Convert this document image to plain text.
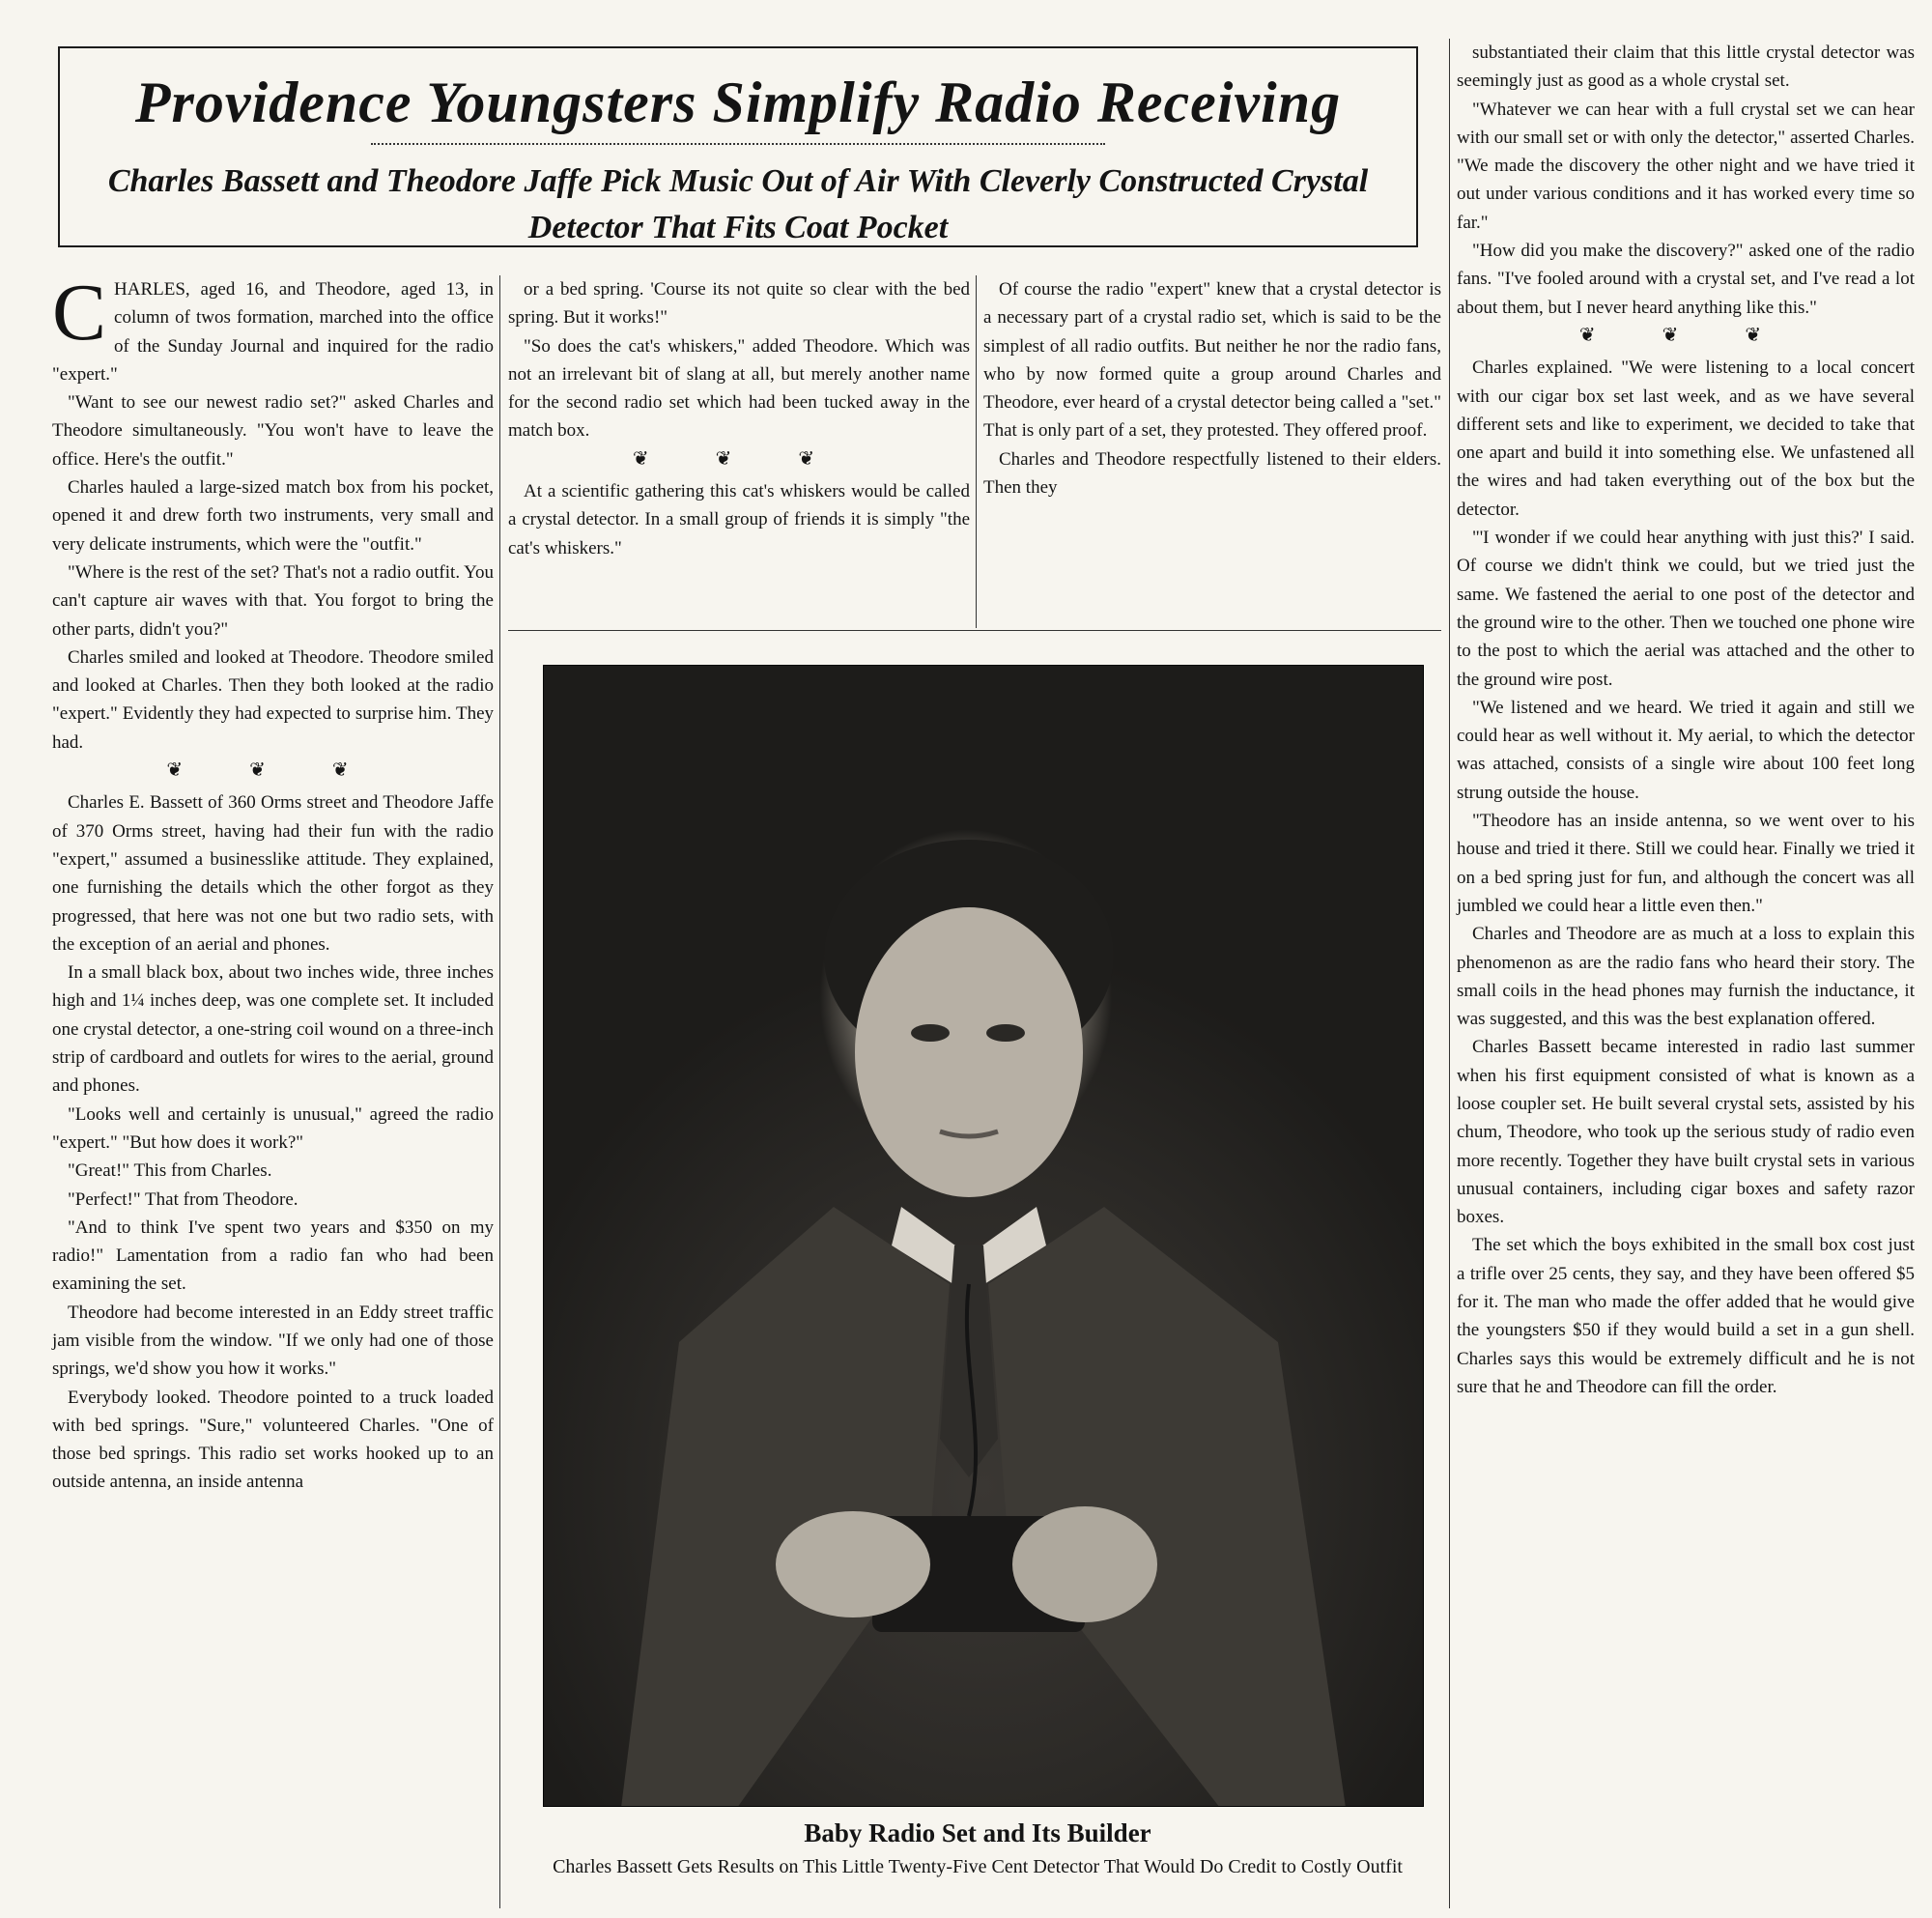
Providence Youngsters Simplify Radio Receiving
Charles Bassett and Theodore Jaffe Pick Music Out of Air With Cleverly Constructed Crystal Detector That Fits Coat Pocket

CHARLES, aged 16, and Theodore, aged 13, in column of twos formation, marched into the office of the Sunday Journal and inquired for the radio "expert."

"Want to see our newest radio set?" asked Charles and Theodore simultaneously. "You won't have to leave the office. Here's the outfit."

Charles hauled a large-sized match box from his pocket, opened it and drew forth two instruments, very small and very delicate instruments, which were the "outfit."

"Where is the rest of the set? That's not a radio outfit. You can't capture air waves with that. You forgot to bring the other parts, didn't you?"

Charles smiled and looked at Theodore. Theodore smiled and looked at Charles. Then they both looked at the radio "expert." Evidently they had expected to surprise him. They had.

❦ ❦ ❦

Charles E. Bassett of 360 Orms street and Theodore Jaffe of 370 Orms street, having had their fun with the radio "expert," assumed a businesslike attitude. They explained, one furnishing the details which the other forgot as they progressed, that here was not one but two radio sets, with the exception of an aerial and phones.

In a small black box, about two inches wide, three inches high and 1¼ inches deep, was one complete set. It included one crystal detector, a one-string coil wound on a three-inch strip of cardboard and outlets for wires to the aerial, ground and phones.

"Looks well and certainly is unusual," agreed the radio "expert." "But how does it work?"

"Great!" This from Charles.

"Perfect!" That from Theodore.

"And to think I've spent two years and $350 on my radio!" Lamentation from a radio fan who had been examining the set.

Theodore had become interested in an Eddy street traffic jam visible from the window. "If we only had one of those springs, we'd show you how it works."

Everybody looked. Theodore pointed to a truck loaded with bed springs. "Sure," volunteered Charles. "One of those bed springs. This radio set works hooked up to an outside antenna, an inside antenna

or a bed spring. 'Course its not quite so clear with the bed spring. But it works!"

"So does the cat's whiskers," added Theodore. Which was not an irrelevant bit of slang at all, but merely another name for the second radio set which had been tucked away in the match box.

❦ ❦ ❦

At a scientific gathering this cat's whiskers would be called a crystal detector. In a small group of friends it is simply "the cat's whiskers."

Of course the radio "expert" knew that a crystal detector is a necessary part of a crystal radio set, which is said to be the simplest of all radio outfits. But neither he nor the radio fans, who by now formed quite a group around Charles and Theodore, ever heard of a crystal detector being called a "set." That is only part of a set, they protested. They offered proof.

Charles and Theodore respectfully listened to their elders. Then they

substantiated their claim that this little crystal detector was seemingly just as good as a whole crystal set.

"Whatever we can hear with a full crystal set we can hear with our small set or with only the detector," asserted Charles. "We made the discovery the other night and we have tried it out under various conditions and it has worked every time so far."

"How did you make the discovery?" asked one of the radio fans. "I've fooled around with a crystal set, and I've read a lot about them, but I never heard anything like this."

❦ ❦ ❦

Charles explained. "We were listening to a local concert with our cigar box set last week, and as we have several different sets and like to experiment, we decided to take that one apart and build it into something else. We unfastened all the wires and had taken everything out of the box but the detector.

"'I wonder if we could hear anything with just this?' I said. Of course we didn't think we could, but we tried just the same. We fastened the aerial to one post of the detector and the ground wire to the other. Then we touched one phone wire to the post to which the aerial was attached and the other to the ground wire post.

"We listened and we heard. We tried it again and still we could hear as well without it. My aerial, to which the detector was attached, consists of a single wire about 100 feet long strung outside the house.

"Theodore has an inside antenna, so we went over to his house and tried it there. Still we could hear. Finally we tried it on a bed spring just for fun, and although the concert was all jumbled we could hear a little even then."

Charles and Theodore are as much at a loss to explain this phenomenon as are the radio fans who heard their story. The small coils in the head phones may furnish the inductance, it was suggested, and this was the best explanation offered.

Charles Bassett became interested in radio last summer when his first equipment consisted of what is known as a loose coupler set. He built several crystal sets, assisted by his chum, Theodore, who took up the serious study of radio even more recently. Together they have built crystal sets in various unusual containers, including cigar boxes and safety razor boxes.

The set which the boys exhibited in the small box cost just a trifle over 25 cents, they say, and they have been offered $5 for it. The man who made the offer added that he would give the youngsters $50 if they would build a set in a gun shell. Charles says this would be extremely difficult and he is not sure that he and Theodore can fill the order.

Baby Radio Set and Its Builder
Charles Bassett Gets Results on This Little Twenty-Five Cent Detector That Would Do Credit to Costly Outfit
